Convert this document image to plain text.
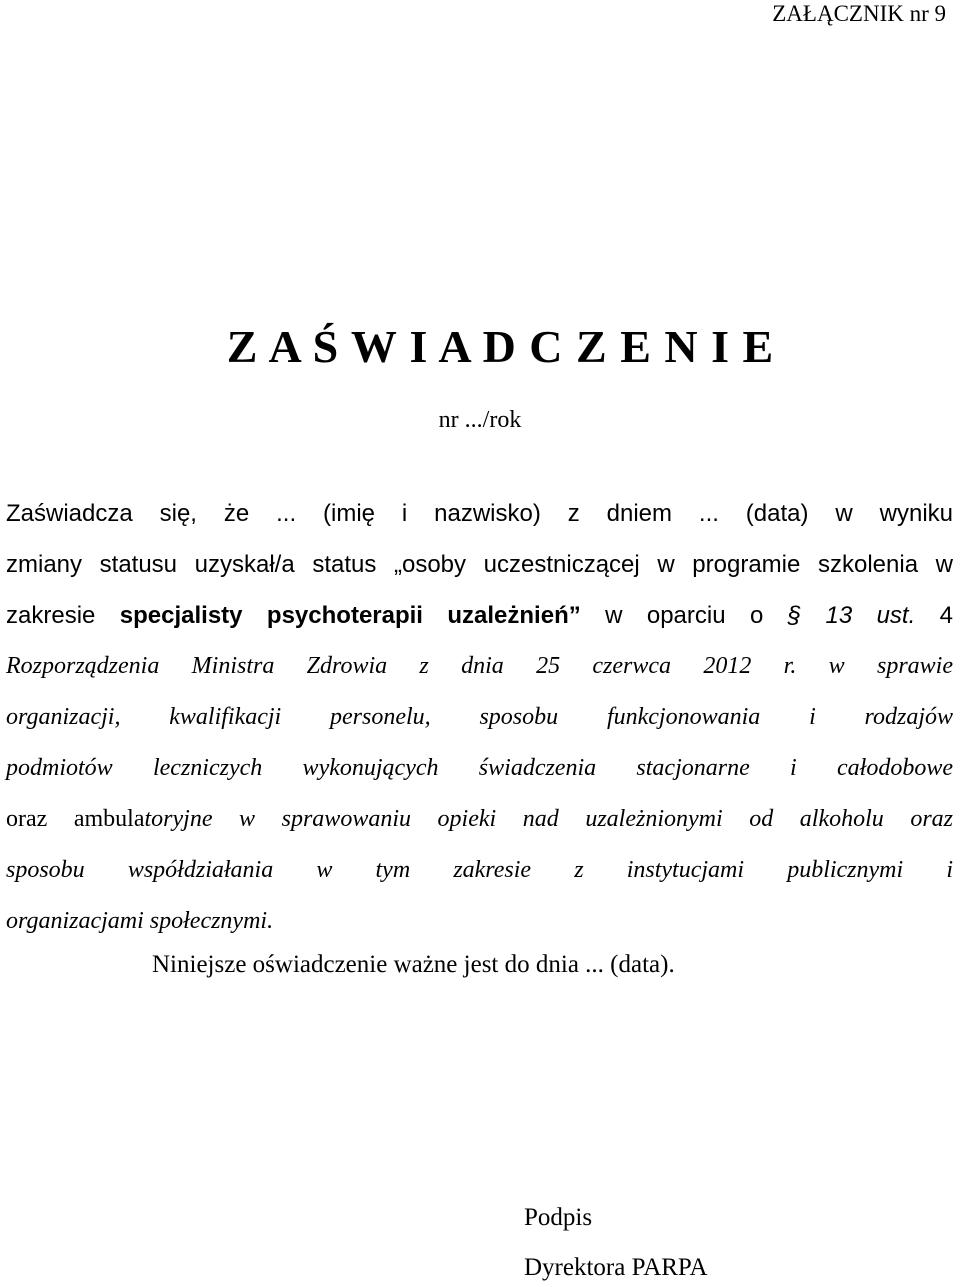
ZAŁĄCZNIK nr 9
Z A Ś W I A D C Z E N I E
nr .../rok
Zaświadcza się, że ... (imię i nazwisko) z dniem ... (data) w wyniku
zmiany statusu uzyskał/a status „osoby uczestniczącej w programie szkolenia w
zakresie specjalisty psychoterapii uzależnień” w oparciu o § 13 ust. 4
Rozporządzenia Ministra Zdrowia z dnia 25 czerwca 2012 r. w sprawie
organizacji, kwalifikacji personelu, sposobu funkcjonowania i rodzajów
podmiotów leczniczych wykonujących świadczenia stacjonarne i całodobowe
oraz ambulatoryjne w sprawowaniu opieki nad uzależnionymi od alkoholu oraz
sposobu współdziałania w tym zakresie z instytucjami publicznymi i
organizacjami społecznymi.
Niniejsze oświadczenie ważne jest do dnia ... (data).
Podpis
Dyrektora PARPA
